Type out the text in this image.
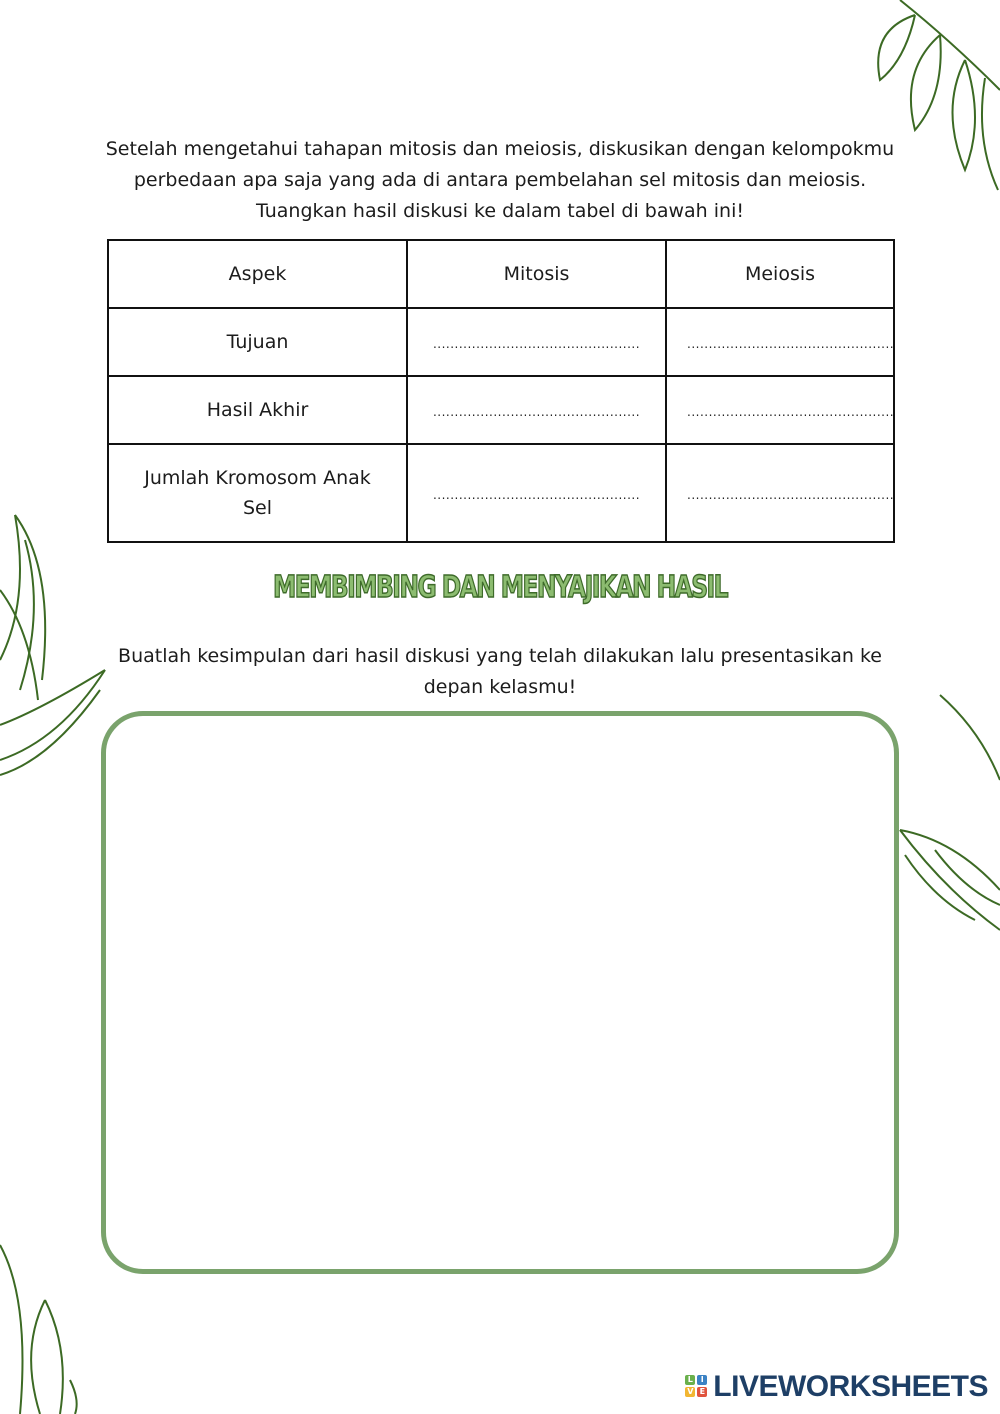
Setelah mengetahui tahapan mitosis dan meiosis, diskusikan dengan kelompokmu perbedaan apa saja yang ada di antara pembelahan sel mitosis dan meiosis. Tuangkan hasil diskusi ke dalam tabel di bawah ini!

Aspek	Mitosis	Meiosis
Tujuan	................................................	................................................
Hasil Akhir	................................................	................................................
Jumlah Kromosom Anak Sel	................................................	................................................
MEMBIMBING DAN MENYAJIKAN HASIL

Buatlah kesimpulan dari hasil diskusi yang telah dilakukan lalu presentasikan ke depan kelasmu!

L I
V E LIVEWORKSHEETS
